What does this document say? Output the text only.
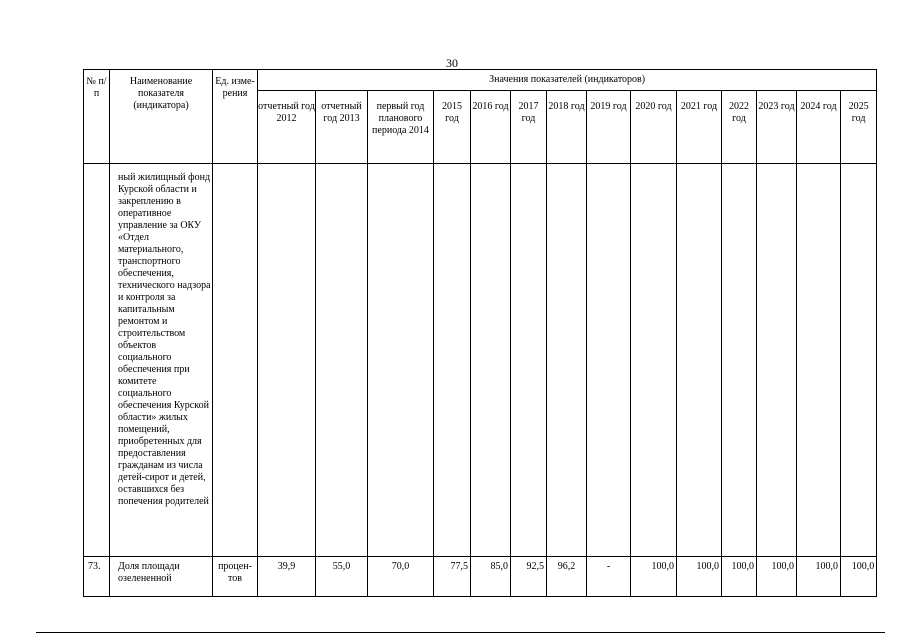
30
№ п/п	Наименование показателя (индикатора)	Ед. изме-рения	Значения показателей (индикаторов)													
			отчетный год 2012	отчетный год 2013	первый год планового периода 2014	2015 год	2016 год	2017 год	2018 год	2019 год	2020 год	2021 год	2022 год	2023 год	2024 год	2025 год
	ный жилищный фонд Курской области и закреплению в оперативное управление за ОКУ «Отдел материального, транспортного обеспечения, технического надзора и контроля за капитальным ремонтом и строительством объектов социального обеспечения при комитете социального обеспечения Курской области» жилых помещений, приобретенных для предоставления гражданам из числа детей-сирот и детей, оставшихся без попечения родителей															
73.	Доля площади озелененной	процен-тов	39,9	55,0	70,0	77,5	85,0	92,5	96,2	-	100,0	100,0	100,0	100,0	100,0	100,0
